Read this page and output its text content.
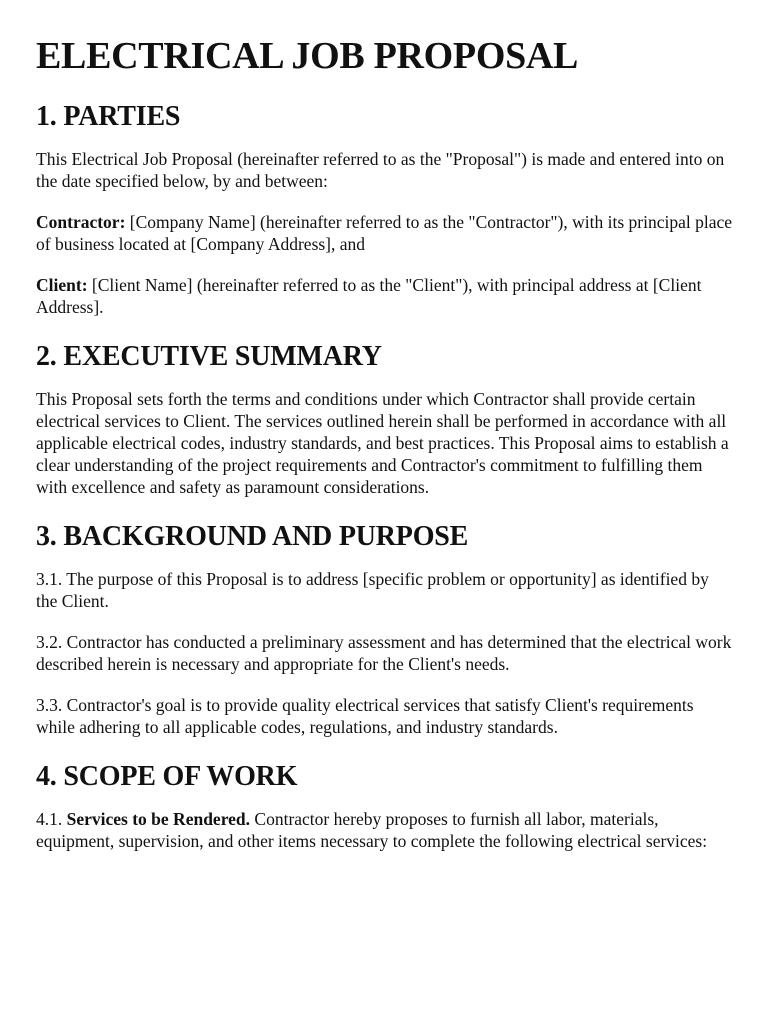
ELECTRICAL JOB PROPOSAL
1. PARTIES

This Electrical Job Proposal (hereinafter referred to as the "Proposal") is made and entered into on the date specified below, by and between:

Contractor: [Company Name] (hereinafter referred to as the "Contractor"), with its principal place of business located at [Company Address], and

Client: [Client Name] (hereinafter referred to as the "Client"), with principal address at [Client Address].

2. EXECUTIVE SUMMARY

This Proposal sets forth the terms and conditions under which Contractor shall provide certain electrical services to Client. The services outlined herein shall be performed in accordance with all applicable electrical codes, industry standards, and best practices. This Proposal aims to establish a clear understanding of the project requirements and Contractor's commitment to fulfilling them with excellence and safety as paramount considerations.

3. BACKGROUND AND PURPOSE

3.1. The purpose of this Proposal is to address [specific problem or opportunity] as identified by the Client.

3.2. Contractor has conducted a preliminary assessment and has determined that the electrical work described herein is necessary and appropriate for the Client's needs.

3.3. Contractor's goal is to provide quality electrical services that satisfy Client's requirements while adhering to all applicable codes, regulations, and industry standards.

4. SCOPE OF WORK

4.1. Services to be Rendered. Contractor hereby proposes to furnish all labor, materials, equipment, supervision, and other items necessary to complete the following electrical services:
